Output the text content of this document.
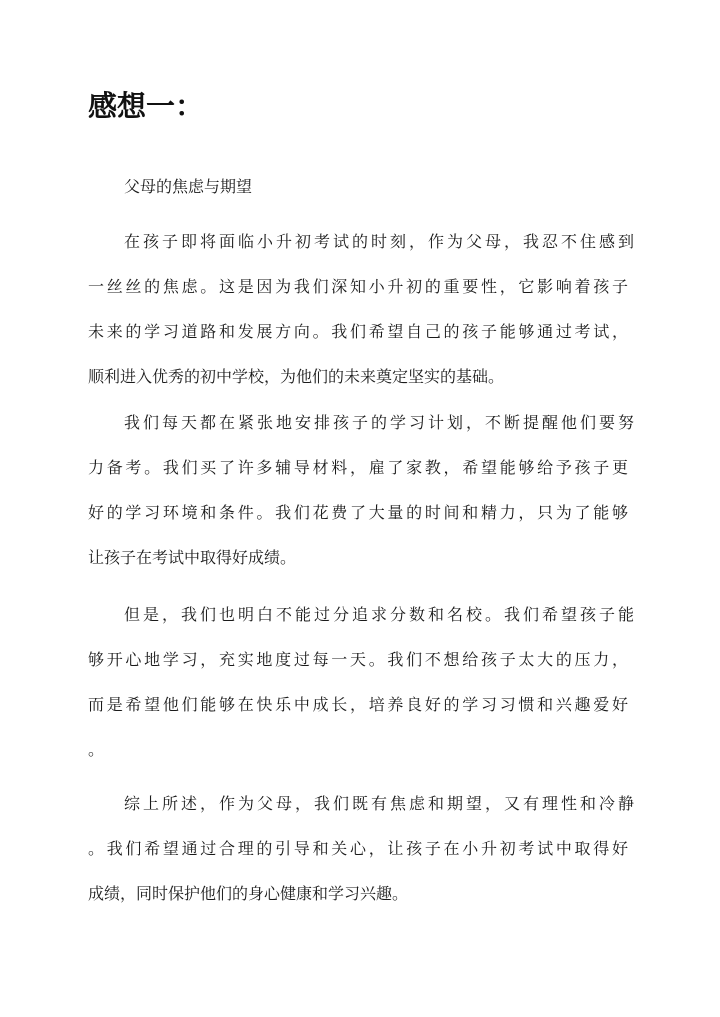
感想一：

父母的焦虑与期望

在孩子即将面临小升初考试的时刻，作为父母，我忍不住感到
一丝丝的焦虑。这是因为我们深知小升初的重要性，它影响着孩子
未来的学习道路和发展方向。我们希望自己的孩子能够通过考试，
顺利进入优秀的初中学校，为他们的未来奠定坚实的基础。
我们每天都在紧张地安排孩子的学习计划，不断提醒他们要努
力备考。我们买了许多辅导材料，雇了家教，希望能够给予孩子更
好的学习环境和条件。我们花费了大量的时间和精力，只为了能够
让孩子在考试中取得好成绩。
但是，我们也明白不能过分追求分数和名校。我们希望孩子能
够开心地学习，充实地度过每一天。我们不想给孩子太大的压力，
而是希望他们能够在快乐中成长，培养良好的学习习惯和兴趣爱好
。
综上所述，作为父母，我们既有焦虑和期望，又有理性和冷静
。我们希望通过合理的引导和关心，让孩子在小升初考试中取得好
成绩，同时保护他们的身心健康和学习兴趣。
